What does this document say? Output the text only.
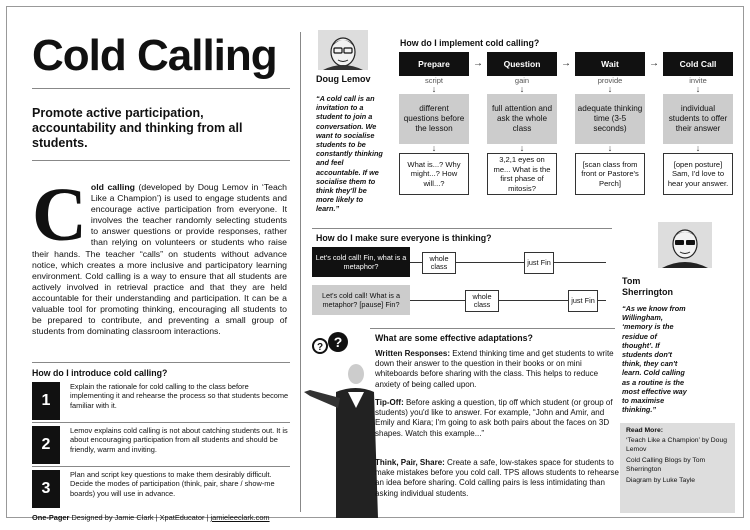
Cold Calling
Promote active participation, accountability and thinking from all students.
Cold calling (developed by Doug Lemov in ‘Teach Like a Champion’) is used to engage students and encourage active participation from everyone. It involves the teacher randomly selecting students to answer questions or provide responses, rather than relying on volunteers or students who raise their hands. The teacher “calls” on students without advance notice, which creates a more inclusive and participatory learning environment. Cold calling is a way to ensure that all students are actively involved in retrieval practice and that they are held accountable for their understanding and participation. It can be a valuable tool for promoting thinking, encouraging all students to be prepared to contribute, and preventing a small group of students from dominating classroom interactions.
How do I introduce cold calling?
1
Explain the rationale for cold calling to the class before implementing it and rehearse the process so that students become familiar with it.
2
Lemov explains cold calling is not about catching students out. It is about encouraging participation from all students and should be friendly, warm and inviting.
3
Plan and script key questions to make them desirably difficult. Decide the modes of participation (think, pair, share / show-me boards) you will use in advance.
One-Pager Designed by Jamie Clark | XpatEducator | jamieleeclark.com
Doug Lemov
“A cold call is an invitation to a student to join a conversation. We want to socialise students to be constantly thinking and feel accountable. If we socialise them to think they'll be more likely to learn.”
How do I implement cold calling?
Prepare
script
↓
different questions before the lesson
↓
What is...? Why might...? How will...?
Question
gain
↓
full attention and ask the whole class
↓
3,2,1 eyes on me... What is the first phase of mitosis?
Wait
provide
↓
adequate thinking time (3-5 seconds)
↓
[scan class from front or Pastore's Perch]
Cold Call
invite
↓
individual students to offer their answer
↓
[open posture] Sam, I'd love to hear your answer.
→	→	→
How do I make sure everyone is thinking?
Let's cold call! Fin, what is a metaphor?
whole class	just Fin
Let's cold call! What is a metaphor? [pause] Fin?
whole class	just Fin
? ?	What are some effective adaptations?
Written Responses: Extend thinking time and get students to write down their answer to the question in their books or on mini whiteboards before sharing with the class. This helps to reduce anxiety of being called upon.
Tip-Off: Before asking a question, tip off which student (or group of students) you'd like to answer. For example, “John and Amir, and Emily and Kiara; I'm going to ask both pairs about the faces on 3D shapes. Watch this example...”
Think, Pair, Share: Create a safe, low-stakes space for students to make mistakes before you cold call. TPS allows students to rehearse an idea before sharing. Cold calling pairs is less intimidating than asking individual students.
Tom Sherrington
“As we know from Willingham, ‘memory is the residue of thought’. If students don't think, they can't learn. Cold calling as a routine is the most effective way to maximise thinking.”
Read More:
‘Teach Like a Champion’ by Doug Lemov
Cold Calling Blogs by Tom Sherrington
Diagram by Luke Tayle
